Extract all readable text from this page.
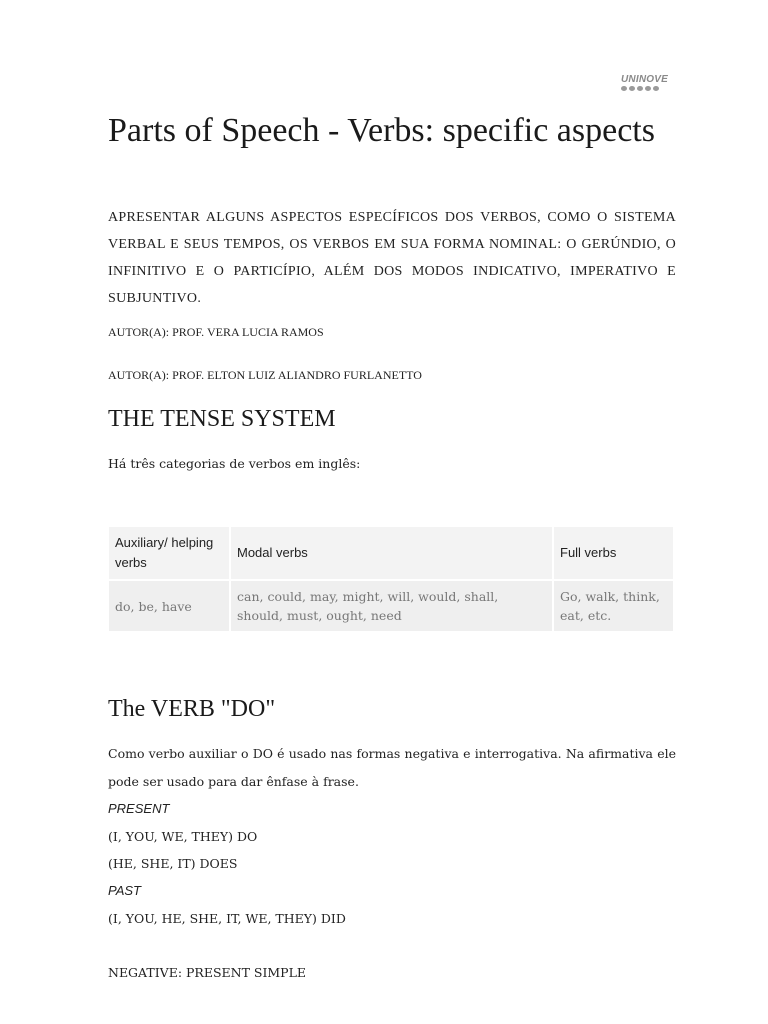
UNINOVE
Parts of Speech - Verbs: specific aspects

APRESENTAR ALGUNS ASPECTOS ESPECÍFICOS DOS VERBOS, COMO O SISTEMA VERBAL E SEUS TEMPOS, OS VERBOS EM SUA FORMA NOMINAL: O GERÚNDIO, O INFINITIVO E O PARTICÍPIO, ALÉM DOS MODOS INDICATIVO, IMPERATIVO E SUBJUNTIVO.

AUTOR(A): PROF. VERA LUCIA RAMOS

AUTOR(A): PROF. ELTON LUIZ ALIANDRO FURLANETTO

THE TENSE SYSTEM

Há três categorias de verbos em inglês:

Auxiliary/ helping verbs	Modal verbs	Full verbs
do, be, have	can, could, may, might, will, would, shall, should, must, ought, need	Go, walk, think, eat, etc.
The VERB "DO"

Como verbo auxiliar o DO é usado nas formas negativa e interrogativa. Na afirmativa ele pode ser usado para dar ênfase à frase.

PRESENT

(I, YOU, WE, THEY) DO

(HE, SHE, IT) DOES

PAST

(I, YOU, HE, SHE, IT, WE, THEY) DID

NEGATIVE: PRESENT SIMPLE
